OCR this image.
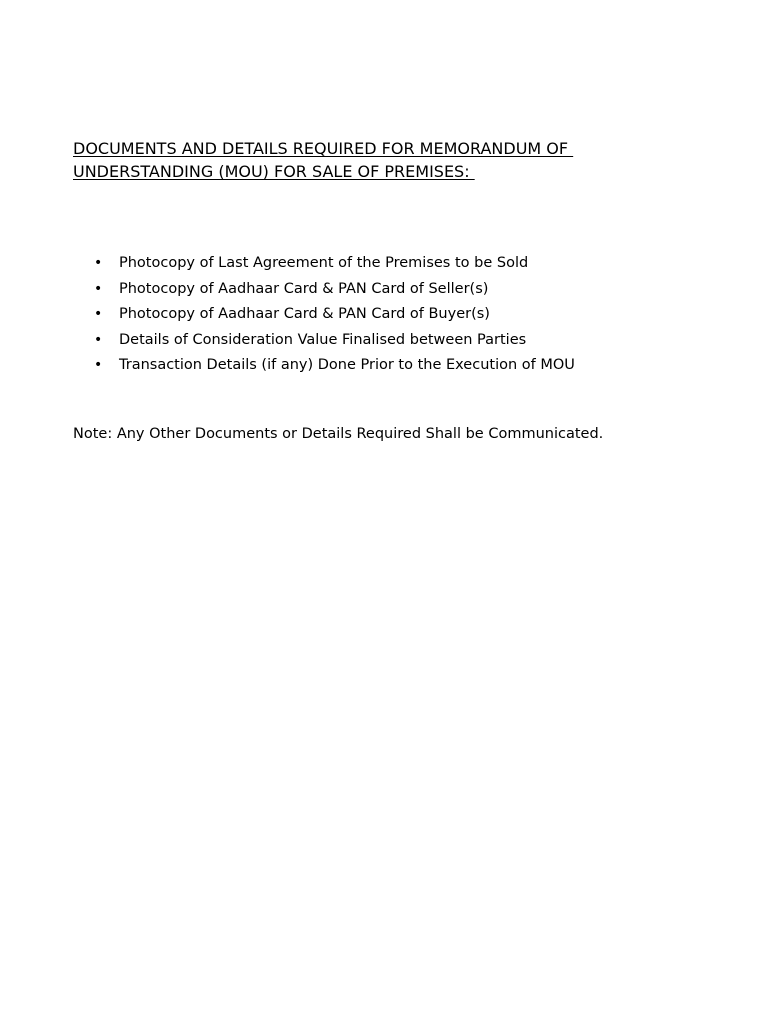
DOCUMENTS AND DETAILS REQUIRED FOR MEMORANDUM OF
UNDERSTANDING (MOU) FOR SALE OF PREMISES:
• Photocopy of Last Agreement of the Premises to be Sold
• Photocopy of Aadhaar Card & PAN Card of Seller(s)
• Photocopy of Aadhaar Card & PAN Card of Buyer(s)
• Details of Consideration Value Finalised between Parties
• Transaction Details (if any) Done Prior to the Execution of MOU

Note: Any Other Documents or Details Required Shall be Communicated.
